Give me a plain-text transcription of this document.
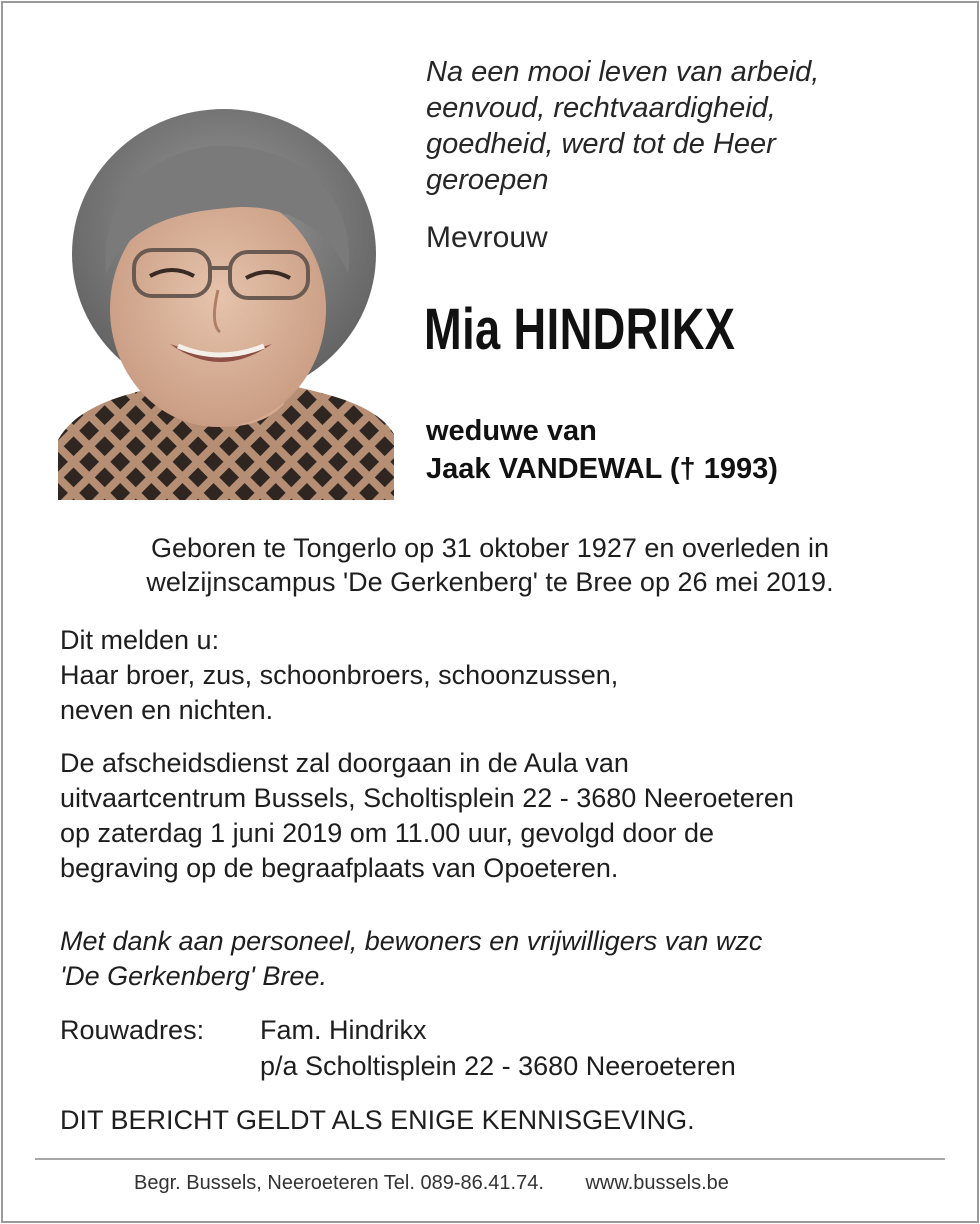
Na een mooi leven van arbeid,
eenvoud, rechtvaardigheid,
goedheid, werd tot de Heer
geroepen

Mevrouw

Mia HINDRIKX

weduwe van
Jaak VANDEWAL († 1993)

Geboren te Tongerlo op 31 oktober 1927 en overleden in
welzijnscampus 'De Gerkenberg' te Bree op 26 mei 2019.

Dit melden u:
Haar broer, zus, schoonbroers, schoonzussen,
neven en nichten.

De afscheidsdienst zal doorgaan in de Aula van
uitvaartcentrum Bussels, Scholtisplein 22 - 3680 Neeroeteren
op zaterdag 1 juni 2019 om 11.00 uur, gevolgd door de
begraving op de begraafplaats van Opoeteren.

Met dank aan personeel, bewoners en vrijwilligers van wzc
'De Gerkenberg' Bree.

Rouwadres:	Fam. Hindrikx
p/a Scholtisplein 22 - 3680 Neeroeteren

DIT BERICHT GELDT ALS ENIGE KENNISGEVING.

Begr. Bussels, Neeroeteren Tel. 089-86.41.74. www.bussels.be
